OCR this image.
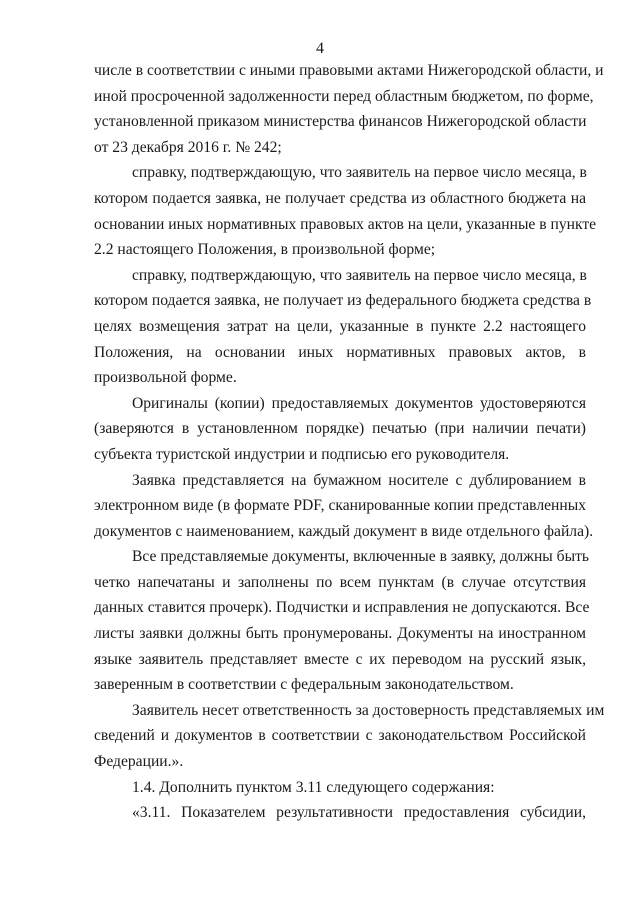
4

числе в соответствии с иными правовыми актами Нижегородской области, и

иной просроченной задолженности перед областным бюджетом, по форме,

установленной приказом министерства финансов Нижегородской области

от 23 декабря 2016 г. № 242;

справку, подтверждающую, что заявитель на первое число месяца, в

котором подается заявка, не получает средства из областного бюджета на

основании иных нормативных правовых актов на цели, указанные в пункте

2.2 настоящего Положения, в произвольной форме;

справку, подтверждающую, что заявитель на первое число месяца, в

котором подается заявка, не получает из федерального бюджета средства в

целях возмещения затрат на цели, указанные в пункте 2.2 настоящего

Положения, на основании иных нормативных правовых актов, в

произвольной форме.

Оригиналы (копии) предоставляемых документов удостоверяются

(заверяются в установленном порядке) печатью (при наличии печати)

субъекта туристской индустрии и подписью его руководителя.

Заявка представляется на бумажном носителе с дублированием в

электронном виде (в формате PDF, сканированные копии представленных

документов с наименованием, каждый документ в виде отдельного файла).

Все представляемые документы, включенные в заявку, должны быть

четко напечатаны и заполнены по всем пунктам (в случае отсутствия

данных ставится прочерк). Подчистки и исправления не допускаются. Все

листы заявки должны быть пронумерованы. Документы на иностранном

языке заявитель представляет вместе с их переводом на русский язык,

заверенным в соответствии с федеральным законодательством.

Заявитель несет ответственность за достоверность представляемых им

сведений и документов в соответствии с законодательством Российской

Федерации.».

1.4. Дополнить пунктом 3.11 следующего содержания:

«3.11. Показателем результативности предоставления субсидии,
